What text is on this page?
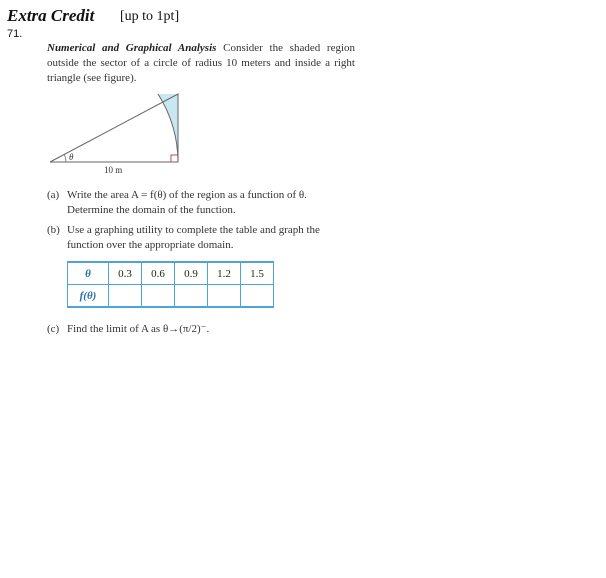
Extra Credit [up to 1pt]
71.
Numerical and Graphical Analysis Consider the shaded region outside the sector of a circle of radius 10 meters and inside a right triangle (see figure).
θ
10 m
(a) Write the area A = f(θ) of the region as a function of θ.
Determine the domain of the function.
(b) Use a graphing utility to complete the table and graph the
function over the appropriate domain.
θ	0.3	0.6	0.9	1.2	1.5
f(θ)					
(c) Find the limit of A as θ→(π/2)⁻.
